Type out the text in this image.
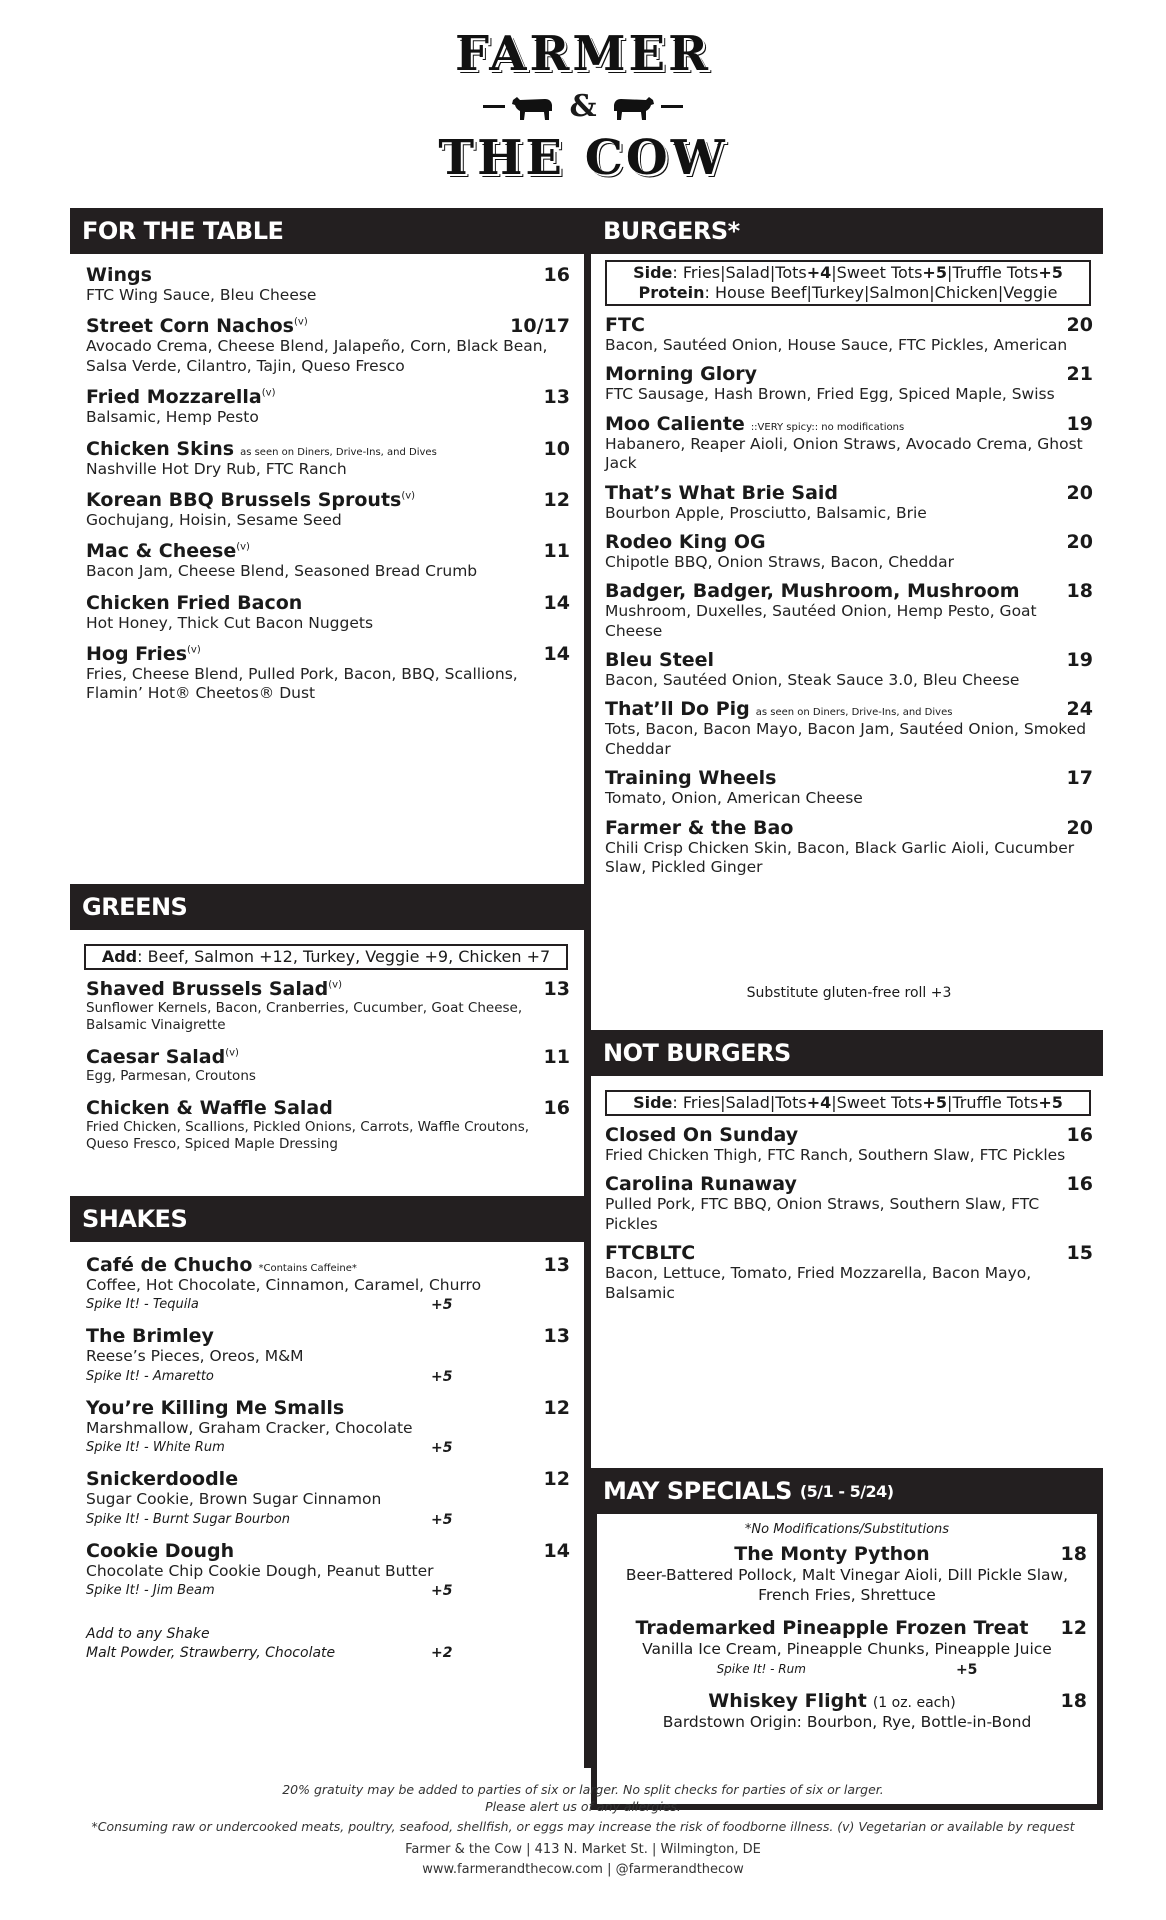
FARMER
&
THE COW
FOR THE TABLE
Wings	16
FTC Wing Sauce, Bleu Cheese
Street Corn Nachos$^{(v)}$	10/17
Avocado Crema, Cheese Blend, Jalapeño, Corn, Black Bean, Salsa Verde, Cilantro, Tajin, Queso Fresco
Fried Mozzarella$^{(v)}$	13
Balsamic, Hemp Pesto
Chicken Skins as seen on Diners, Drive-Ins, and Dives	10
Nashville Hot Dry Rub, FTC Ranch
Korean BBQ Brussels Sprouts$^{(v)}$	12
Gochujang, Hoisin, Sesame Seed
Mac & Cheese$^{(v)}$	11
Bacon Jam, Cheese Blend, Seasoned Bread Crumb
Chicken Fried Bacon	14
Hot Honey, Thick Cut Bacon Nuggets
Hog Fries$^{(v)}$	14
Fries, Cheese Blend, Pulled Pork, Bacon, BBQ, Scallions, Flamin’ Hot® Cheetos® Dust
GREENS
Add: Beef, Salmon +12, Turkey, Veggie +9, Chicken +7
Shaved Brussels Salad$^{(v)}$	13
Sunflower Kernels, Bacon, Cranberries, Cucumber, Goat Cheese, Balsamic Vinaigrette
Caesar Salad$^{(v)}$	11
Egg, Parmesan, Croutons
Chicken & Waffle Salad	16
Fried Chicken, Scallions, Pickled Onions, Carrots, Waffle Croutons, Queso Fresco, Spiced Maple Dressing
SHAKES
Café de Chucho *Contains Caffeine*	13
Coffee, Hot Chocolate, Cinnamon, Caramel, Churro
Spike It! - Tequila	+5
The Brimley	13
Reese’s Pieces, Oreos, M&M
Spike It! - Amaretto	+5
You’re Killing Me Smalls	12
Marshmallow, Graham Cracker, Chocolate
Spike It! - White Rum	+5
Snickerdoodle	12
Sugar Cookie, Brown Sugar Cinnamon
Spike It! - Burnt Sugar Bourbon	+5
Cookie Dough	14
Chocolate Chip Cookie Dough, Peanut Butter
Spike It! - Jim Beam	+5
Add to any Shake
Malt Powder, Strawberry, Chocolate	+2
BURGERS*
Side: Fries|Salad|Tots+4|Sweet Tots+5|Truffle Tots+5
Protein: House Beef|Turkey|Salmon|Chicken|Veggie
FTC	20
Bacon, Sautéed Onion, House Sauce, FTC Pickles, American
Morning Glory	21
FTC Sausage, Hash Brown, Fried Egg, Spiced Maple, Swiss
Moo Caliente ::VERY spicy:: no modifications	19
Habanero, Reaper Aioli, Onion Straws, Avocado Crema, Ghost Jack
That’s What Brie Said	20
Bourbon Apple, Prosciutto, Balsamic, Brie
Rodeo King OG	20
Chipotle BBQ, Onion Straws, Bacon, Cheddar
Badger, Badger, Mushroom, Mushroom 18
Mushroom, Duxelles, Sautéed Onion, Hemp Pesto, Goat Cheese
Bleu Steel	19
Bacon, Sautéed Onion, Steak Sauce 3.0, Bleu Cheese
That’ll Do Pig as seen on Diners, Drive-Ins, and Dives	24
Tots, Bacon, Bacon Mayo, Bacon Jam, Sautéed Onion, Smoked Cheddar
Training Wheels	17
Tomato, Onion, American Cheese
Farmer & the Bao	20
Chili Crisp Chicken Skin, Bacon, Black Garlic Aioli, Cucumber Slaw, Pickled Ginger
Substitute gluten-free roll +3
NOT BURGERS
Side: Fries|Salad|Tots+4|Sweet Tots+5|Truffle Tots+5
Closed On Sunday	16
Fried Chicken Thigh, FTC Ranch, Southern Slaw, FTC Pickles
Carolina Runaway	16
Pulled Pork, FTC BBQ, Onion Straws, Southern Slaw, FTC Pickles
FTCBLTC	15
Bacon, Lettuce, Tomato, Fried Mozzarella, Bacon Mayo, Balsamic
MAY SPECIALS (5/1 - 5/24)
*No Modifications/Substitutions
The Monty Python	18
Beer-Battered Pollock, Malt Vinegar Aioli, Dill Pickle Slaw, French Fries, Shrettuce
Trademarked Pineapple Frozen Treat	12
Vanilla Ice Cream, Pineapple Chunks, Pineapple Juice
Spike It! - Rum	+5
Whiskey Flight (1 oz. each)	18
Bardstown Origin: Bourbon, Rye, Bottle-in-Bond
20% gratuity may be added to parties of six or larger. No split checks for parties of six or larger.
Please alert us of any allergies.
*Consuming raw or undercooked meats, poultry, seafood, shellfish, or eggs may increase the risk of foodborne illness. (v) Vegetarian or available by request
Farmer & the Cow | 413 N. Market St. | Wilmington, DE
www.farmerandthecow.com | @farmerandthecow
